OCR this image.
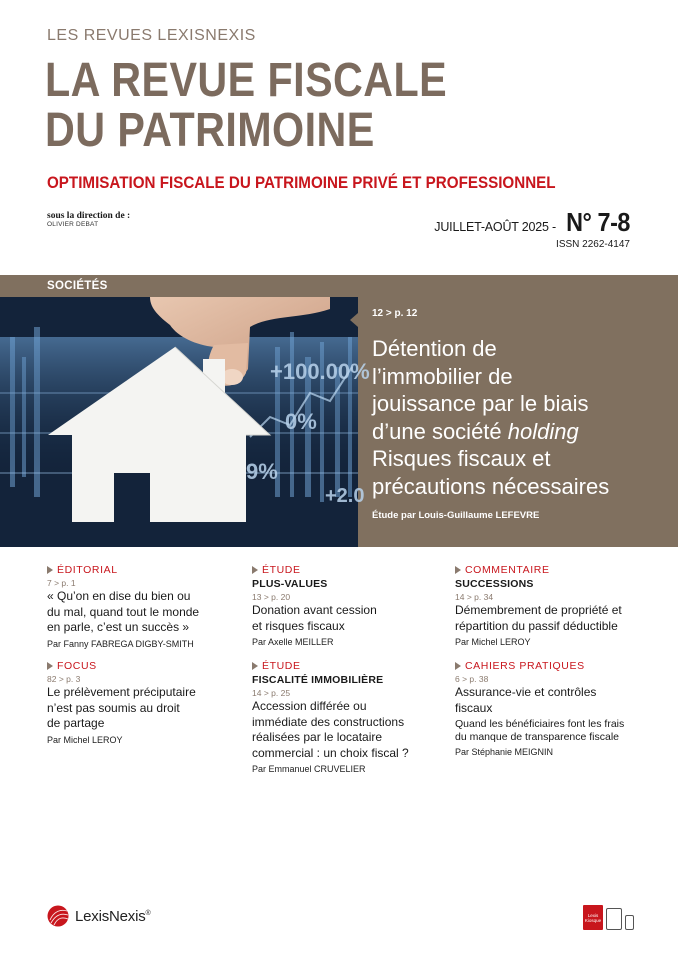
LES REVUES LEXISNEXIS
LA REVUE FISCALE
DU PATRIMOINE
OPTIMISATION FISCALE DU PATRIMOINE PRIVÉ ET PROFESSIONNEL
sous la direction de :
OLIVIER DEBAT	JUILLET-AOÛT 2025 - N° 7-8
ISSN 2262-4147
+100.00%
0%
9%
+2.0
SOCIÉTÉS
12 > p. 12
Détention de
l’immobilier de
jouissance par le biais
d’une société holding
Risques fiscaux et
précautions nécessaires
Étude par Louis-Guillaume LEFEVRE
ÉDITORIAL
7 > p. 1
« Qu’on en dise du bien ou
du mal, quand tout le monde
en parle, c’est un succès »
Par Fanny FABREGA DIGBY-SMITH
FOCUS
82 > p. 3
Le prélèvement préciputaire
n’est pas soumis au droit
de partage
Par Michel LEROY
ÉTUDE
PLUS-VALUES
13 > p. 20
Donation avant cession
et risques fiscaux
Par Axelle MEILLER
ÉTUDE
FISCALITÉ IMMOBILIÈRE
14 > p. 25
Accession différée ou
immédiate des constructions
réalisées par le locataire
commercial : un choix fiscal ?
Par Emmanuel CRUVELIER
COMMENTAIRE
SUCCESSIONS
14 > p. 34
Démembrement de propriété et
répartition du passif déductible
Par Michel LEROY
CAHIERS PRATIQUES
6 > p. 38
Assurance-vie et contrôles
fiscaux
Quand les bénéficiaires font les frais
du manque de transparence fiscale
Par Stéphanie MEIGNIN
LexisNexis®	Lexis
Kiosque
